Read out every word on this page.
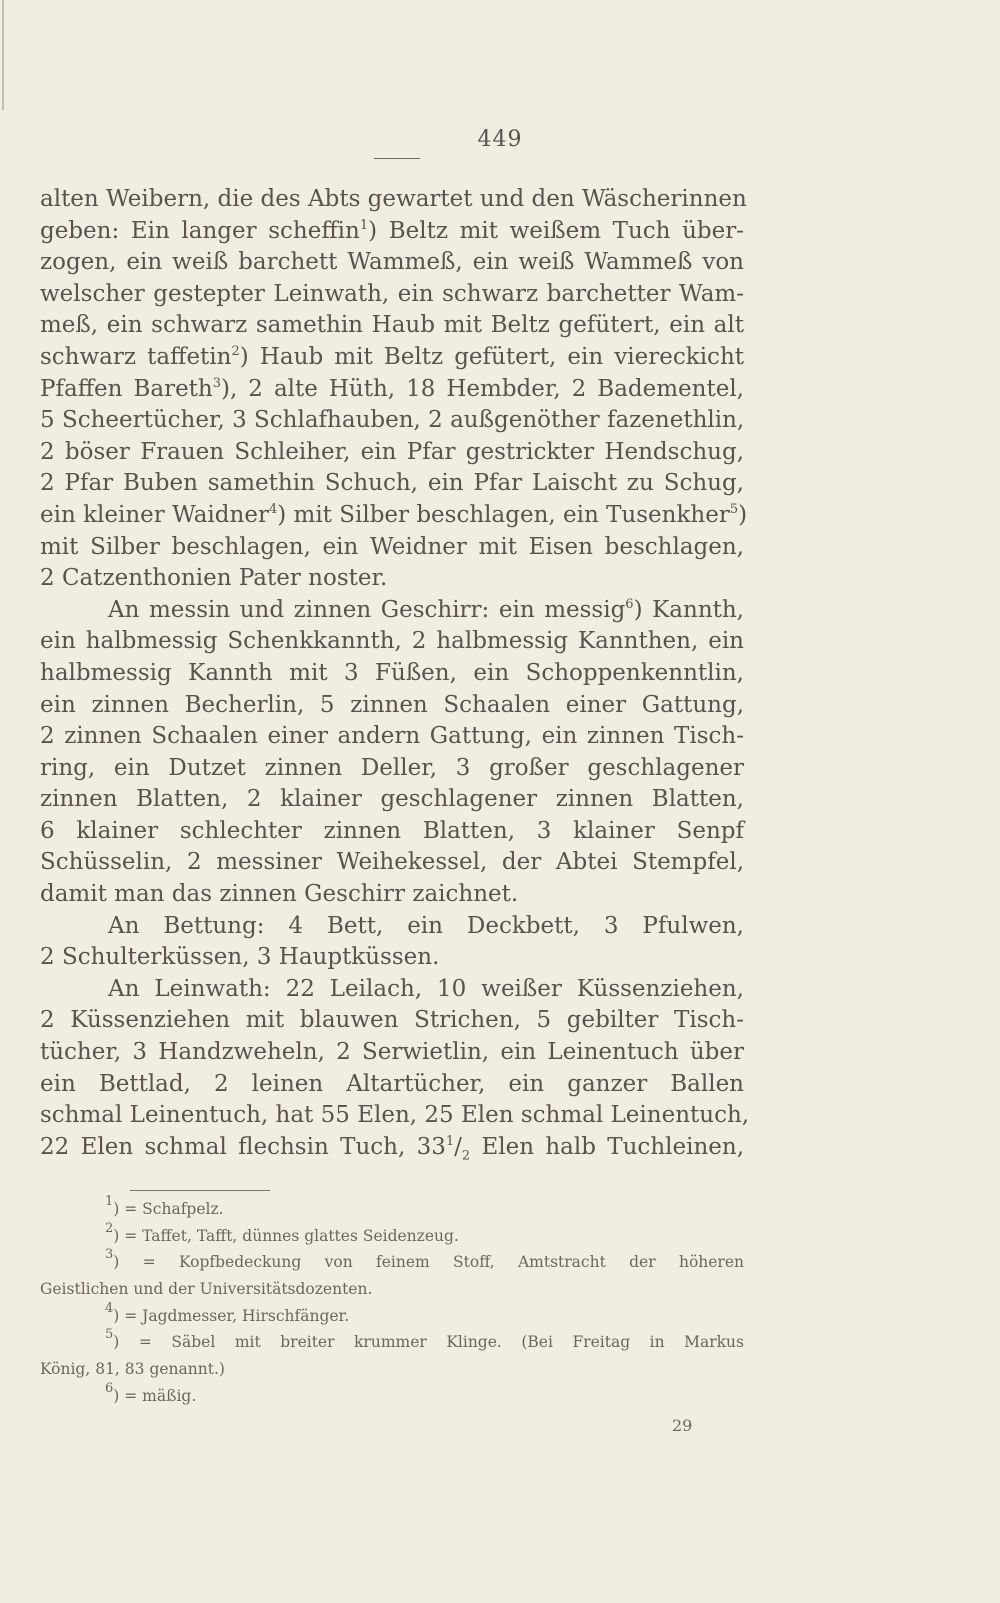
449
alten Weibern, die des Abts gewartet und den Wäscherinnen
geben: Ein langer scheffin$^1$) Beltz mit weißem Tuch über-
zogen, ein weiß barchett Wammeß, ein weiß Wammeß von
welscher gestepter Leinwath, ein schwarz barchetter Wam-
meß, ein schwarz samethin Haub mit Beltz gefütert, ein alt
schwarz taffetin$^2$) Haub mit Beltz gefütert, ein viereckicht
Pfaffen Bareth$^3$), 2 alte Hüth, 18 Hembder, 2 Badementel,
5 Scheertücher, 3 Schlafhauben, 2 außgenöther fazenethlin,
2 böser Frauen Schleiher, ein Pfar gestrickter Hendschug,
2 Pfar Buben samethin Schuch, ein Pfar Laischt zu Schug,
ein kleiner Waidner$^4$) mit Silber beschlagen, ein Tusenkher$^5$)
mit Silber beschlagen, ein Weidner mit Eisen beschlagen,
2 Catzenthonien Pater noster.
An messin und zinnen Geschirr: ein messig$^6$) Kannth,
ein halbmessig Schenkkannth, 2 halbmessig Kannthen, ein
halbmessig Kannth mit 3 Füßen, ein Schoppenkenntlin,
ein zinnen Becherlin, 5 zinnen Schaalen einer Gattung,
2 zinnen Schaalen einer andern Gattung, ein zinnen Tisch-
ring, ein Dutzet zinnen Deller, 3 großer geschlagener
zinnen Blatten, 2 klainer geschlagener zinnen Blatten,
6 klainer schlechter zinnen Blatten, 3 klainer Senpf
Schüsselin, 2 messiner Weihekessel, der Abtei Stempfel,
damit man das zinnen Geschirr zaichnet.
An Bettung: 4 Bett, ein Deckbett, 3 Pfulwen,
2 Schulterküssen, 3 Hauptküssen.
An Leinwath: 22 Leilach, 10 weißer Küssenziehen,
2 Küssenziehen mit blauwen Strichen, 5 gebilter Tisch-
tücher, 3 Handzweheln, 2 Serwietlin, ein Leinentuch über
ein Bettlad, 2 leinen Altartücher, ein ganzer Ballen
schmal Leinentuch, hat 55 Elen, 25 Elen schmal Leinentuch,
22 Elen schmal flechsin Tuch, $33^1/_2$ Elen halb Tuchleinen,
$^1$) = Schafpelz.
$^2$) = Taffet, Tafft, dünnes glattes Seidenzeug.
$^3$) = Kopfbedeckung von feinem Stoff, Amtstracht der höheren
Geistlichen und der Universitätsdozenten.
$^4$) = Jagdmesser, Hirschfänger.
$^5$) = Säbel mit breiter krummer Klinge. (Bei Freitag in Markus
König, 81, 83 genannt.)
$^6$) = mäßig.
29
